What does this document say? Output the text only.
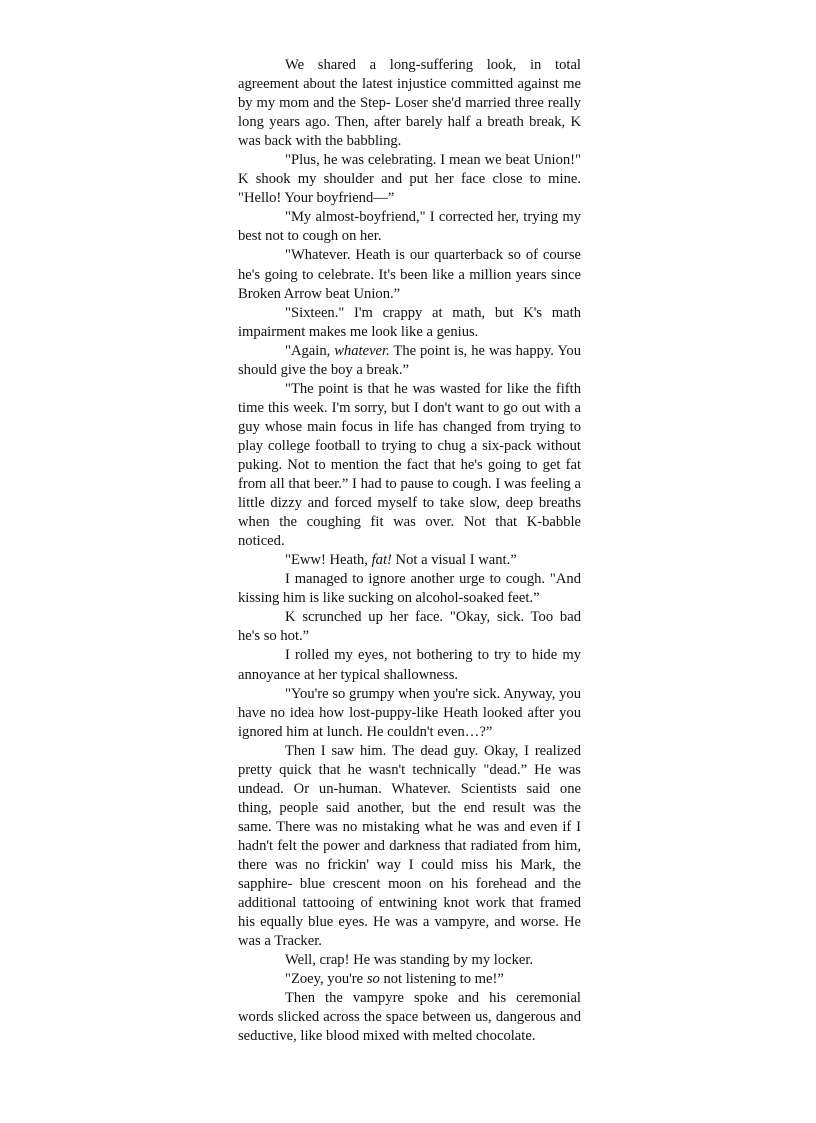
We shared a long-suffering look, in total agreement about the latest injustice committed against me by my mom and the Step- Loser she'd married three really long years ago. Then, after barely half a breath break, K was back with the babbling.

"Plus, he was celebrating. I mean we beat Union!" K shook my shoulder and put her face close to mine. "Hello! Your boyfriend—”

"My almost-boyfriend," I corrected her, trying my best not to cough on her.

"Whatever. Heath is our quarterback so of course he's going to celebrate. It's been like a million years since Broken Arrow beat Union.”

"Sixteen." I'm crappy at math, but K's math impairment makes me look like a genius.

"Again, whatever. The point is, he was happy. You should give the boy a break.”

"The point is that he was wasted for like the fifth time this week. I'm sorry, but I don't want to go out with a guy whose main focus in life has changed from trying to play college football to trying to chug a six-pack without puking. Not to mention the fact that he's going to get fat from all that beer.” I had to pause to cough. I was feeling a little dizzy and forced myself to take slow, deep breaths when the coughing fit was over. Not that K-babble noticed.

"Eww! Heath, fat! Not a visual I want.”

I managed to ignore another urge to cough. "And kissing him is like sucking on alcohol-soaked feet.”

K scrunched up her face. "Okay, sick. Too bad he's so hot.”

I rolled my eyes, not bothering to try to hide my annoyance at her typical shallowness.

"You're so grumpy when you're sick. Anyway, you have no idea how lost-puppy-like Heath looked after you ignored him at lunch. He couldn't even…?”

Then I saw him. The dead guy. Okay, I realized pretty quick that he wasn't technically "dead.” He was undead. Or un-human. Whatever. Scientists said one thing, people said another, but the end result was the same. There was no mistaking what he was and even if I hadn't felt the power and darkness that radiated from him, there was no frickin' way I could miss his Mark, the sapphire- blue crescent moon on his forehead and the additional tattooing of entwining knot work that framed his equally blue eyes. He was a vampyre, and worse. He was a Tracker.

Well, crap! He was standing by my locker.

"Zoey, you're so not listening to me!”

Then the vampyre spoke and his ceremonial words slicked across the space between us, dangerous and seductive, like blood mixed with melted chocolate.
